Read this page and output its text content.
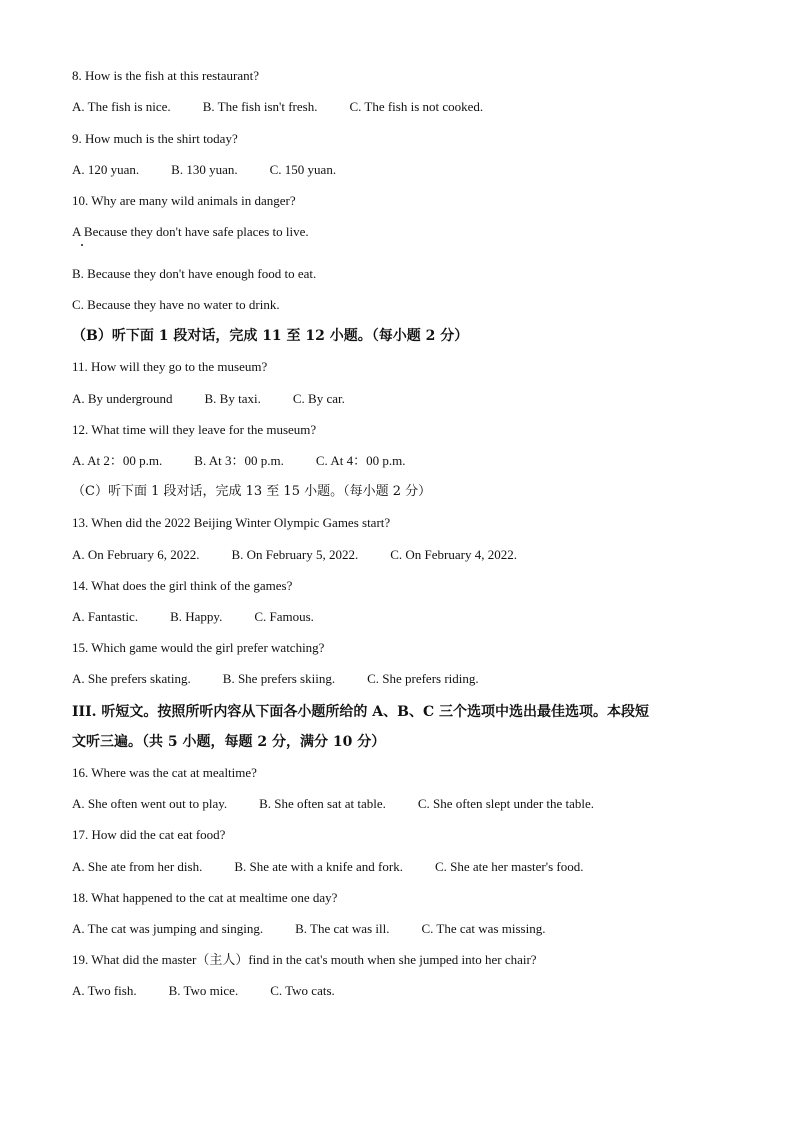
8. How is the fish at this restaurant?
A. The fish is nice. B. The fish isn't fresh. C. The fish is not cooked.
9. How much is the shirt today?
A. 120 yuan. B. 130 yuan. C. 150 yuan.
10. Why are many wild animals in danger?
A Because they don't have safe places to live.
B. Because they don't have enough food to eat.
C. Because they have no water to drink.
（B）听下面 1 段对话，完成 11 至 12 小题。（每小题 2 分）
11. How will they go to the museum?
A. By underground B. By taxi. C. By car.
12. What time will they leave for the museum?
A. At 2：00 p.m. B. At 3：00 p.m. C. At 4：00 p.m.
（C）听下面 1 段对话，完成 13 至 15 小题。（每小题 2 分）
13. When did the 2022 Beijing Winter Olympic Games start?
A. On February 6, 2022. B. On February 5, 2022. C. On February 4, 2022.
14. What does the girl think of the games?
A. Fantastic. B. Happy. C. Famous.
15. Which game would the girl prefer watching?
A. She prefers skating. B. She prefers skiing. C. She prefers riding.
III. 听短文。按照所听内容从下面各小题所给的 A、B、C 三个选项中选出最佳选项。本段短
文听三遍。（共 5 小题，每题 2 分，满分 10 分）
16. Where was the cat at mealtime?
A. She often went out to play. B. She often sat at table. C. She often slept under the table.
17. How did the cat eat food?
A. She ate from her dish. B. She ate with a knife and fork. C. She ate her master's food.
18. What happened to the cat at mealtime one day?
A. The cat was jumping and singing. B. The cat was ill. C. The cat was missing.
19. What did the master（主人）find in the cat's mouth when she jumped into her chair?
A. Two fish. B. Two mice. C. Two cats.
